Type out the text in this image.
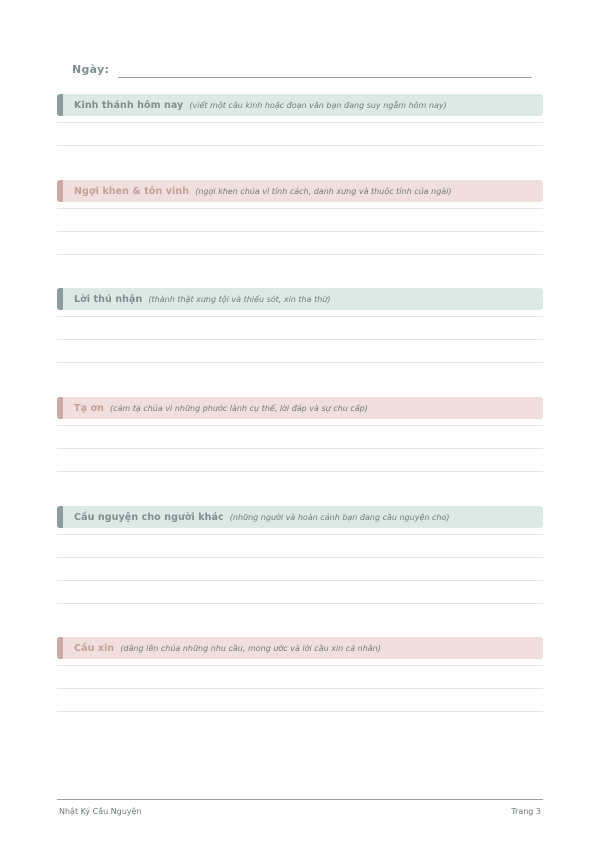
Ngày:
Kinh thánh hôm nay (viết một câu kinh hoặc đoạn văn bạn đang suy ngẫm hôm nay)
Ngợi khen & tôn vinh (ngợi khen chúa vì tính cách, danh xưng và thuộc tính của ngài)
Lời thú nhận (thành thật xưng tội và thiếu sót, xin tha thứ)
Tạ ơn (cảm tạ chúa vì những phước lành cụ thể, lời đáp và sự chu cấp)
Cầu nguyện cho người khác (những người và hoàn cảnh bạn đang cầu nguyện cho)
Cầu xin (dâng lên chúa những nhu cầu, mong ước và lời cầu xin cá nhân)
Nhật Ký Cầu Nguyện	Trang 3
